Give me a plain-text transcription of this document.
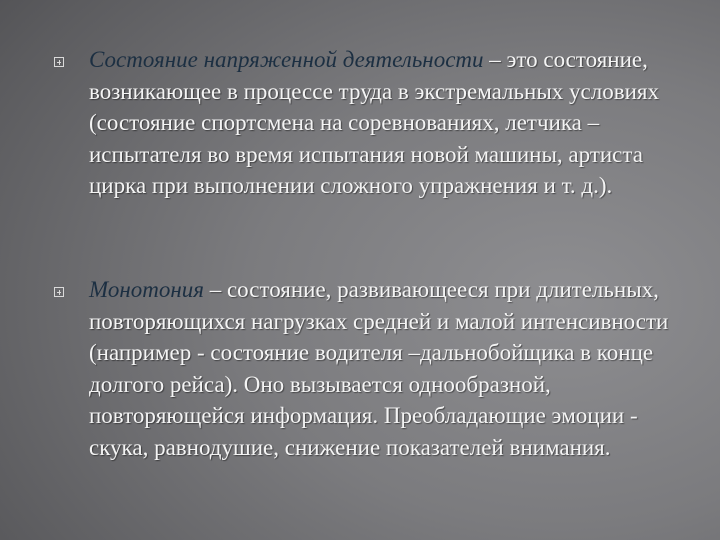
Состояние напряженной деятельности – это состояние, возникающее в процессе труда в экстремальных условиях (состояние спортсмена на соревнованиях, летчика –испытателя во время испытания новой машины, артиста цирка при выполнении сложного упражнения и т. д.).
Монотония – состояние, развивающееся при длительных, повторяющихся нагрузках средней и малой интенсивности (например - состояние водителя –дальнобойщика в конце долгого рейса). Оно вызывается однообразной, повторяющейся информация. Преобладающие эмоции - скука, равнодушие, снижение показателей внимания.
